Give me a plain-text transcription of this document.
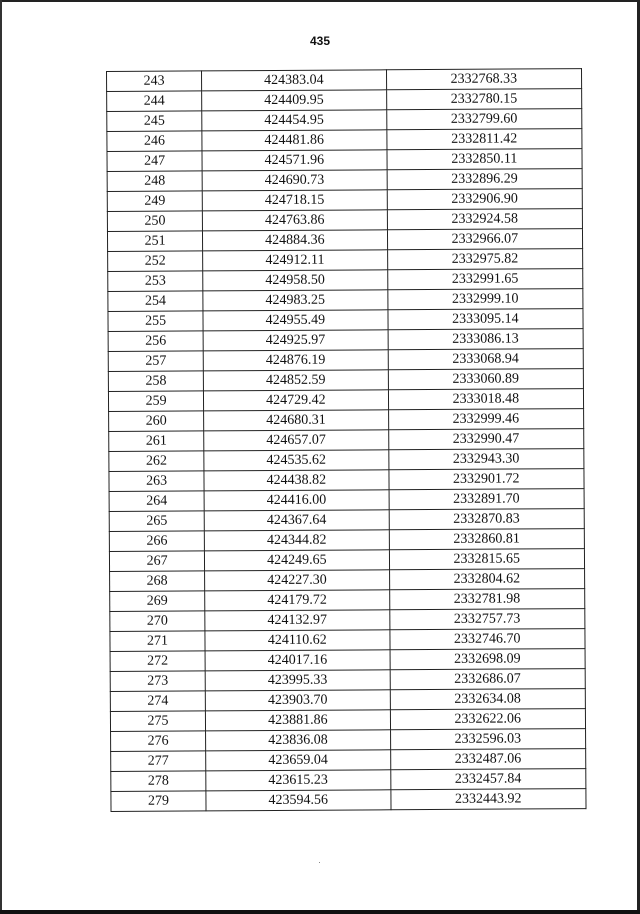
435
243	424383.04	2332768.33
244	424409.95	2332780.15
245	424454.95	2332799.60
246	424481.86	2332811.42
247	424571.96	2332850.11
248	424690.73	2332896.29
249	424718.15	2332906.90
250	424763.86	2332924.58
251	424884.36	2332966.07
252	424912.11	2332975.82
253	424958.50	2332991.65
254	424983.25	2332999.10
255	424955.49	2333095.14
256	424925.97	2333086.13
257	424876.19	2333068.94
258	424852.59	2333060.89
259	424729.42	2333018.48
260	424680.31	2332999.46
261	424657.07	2332990.47
262	424535.62	2332943.30
263	424438.82	2332901.72
264	424416.00	2332891.70
265	424367.64	2332870.83
266	424344.82	2332860.81
267	424249.65	2332815.65
268	424227.30	2332804.62
269	424179.72	2332781.98
270	424132.97	2332757.73
271	424110.62	2332746.70
272	424017.16	2332698.09
273	423995.33	2332686.07
274	423903.70	2332634.08
275	423881.86	2332622.06
276	423836.08	2332596.03
277	423659.04	2332487.06
278	423615.23	2332457.84
279	423594.56	2332443.92
